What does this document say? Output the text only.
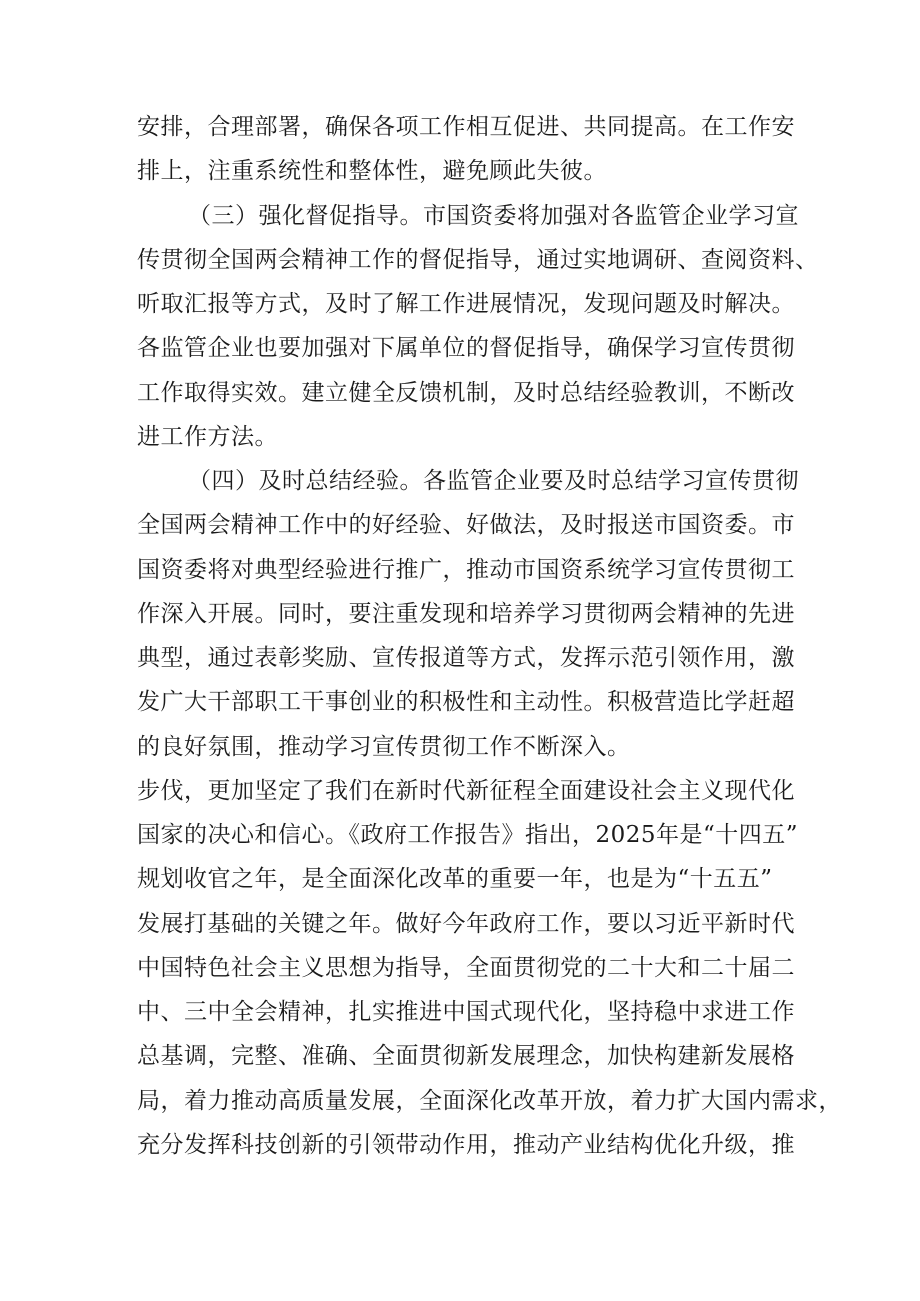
安排，合理部署，确保各项工作相互促进、共同提高。在工作安
排上，注重系统性和整体性，避免顾此失彼。
（三）强化督促指导。市国资委将加强对各监管企业学习宣
传贯彻全国两会精神工作的督促指导，通过实地调研、查阅资料、
听取汇报等方式，及时了解工作进展情况，发现问题及时解决。
各监管企业也要加强对下属单位的督促指导，确保学习宣传贯彻
工作取得实效。建立健全反馈机制，及时总结经验教训，不断改
进工作方法。
（四）及时总结经验。各监管企业要及时总结学习宣传贯彻
全国两会精神工作中的好经验、好做法，及时报送市国资委。市
国资委将对典型经验进行推广，推动市国资系统学习宣传贯彻工
作深入开展。同时，要注重发现和培养学习贯彻两会精神的先进
典型，通过表彰奖励、宣传报道等方式，发挥示范引领作用，激
发广大干部职工干事创业的积极性和主动性。积极营造比学赶超
的良好氛围，推动学习宣传贯彻工作不断深入。
步伐，更加坚定了我们在新时代新征程全面建设社会主义现代化
国家的决心和信心。《政府工作报告》指出，2025年是“十四五”
规划收官之年，是全面深化改革的重要一年，也是为“十五五”
发展打基础的关键之年。做好今年政府工作，要以习近平新时代
中国特色社会主义思想为指导，全面贯彻党的二十大和二十届二
中、三中全会精神，扎实推进中国式现代化，坚持稳中求进工作
总基调，完整、准确、全面贯彻新发展理念，加快构建新发展格
局，着力推动高质量发展，全面深化改革开放，着力扩大国内需求，
充分发挥科技创新的引领带动作用，推动产业结构优化升级，推
